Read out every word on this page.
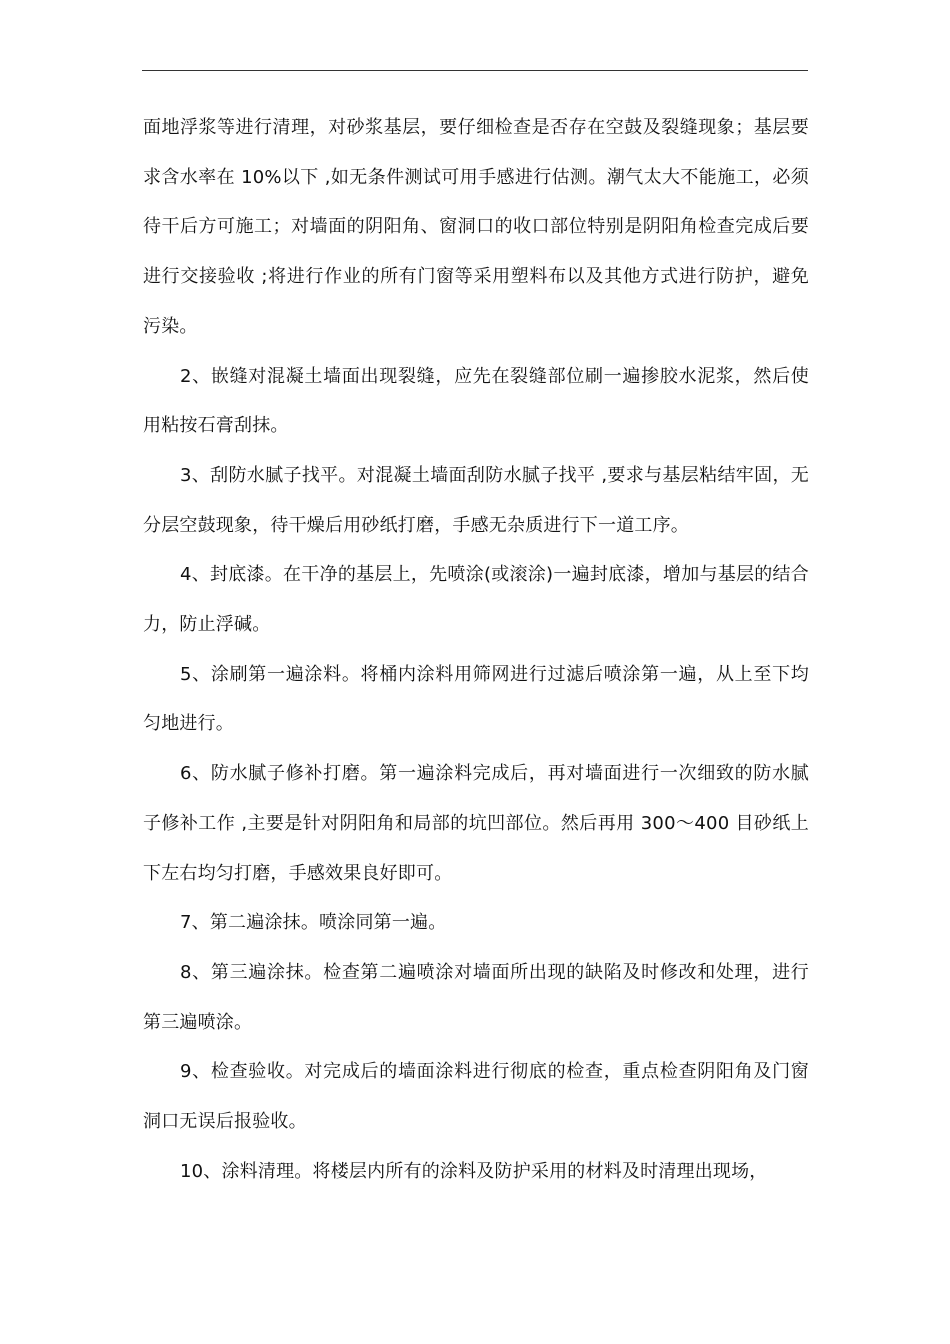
面地浮浆等进行清理，对砂浆基层，要仔细检查是否存在空鼓及裂缝现象；基层要求含水率在 10%以下 ,如无条件测试可用手感进行估测。潮气太大不能施工，必须待干后方可施工；对墙面的阴阳角、窗洞口的收口部位特别是阴阳角检查完成后要进行交接验收 ;将进行作业的所有门窗等采用塑料布以及其他方式进行防护，避免污染。

2、嵌缝对混凝土墙面出现裂缝，应先在裂缝部位刷一遍掺胶水泥浆，然后使用粘按石膏刮抹。

3、刮防水腻子找平。对混凝土墙面刮防水腻子找平 ,要求与基层粘结牢固，无分层空鼓现象，待干燥后用砂纸打磨，手感无杂质进行下一道工序。

4、封底漆。在干净的基层上，先喷涂(或滚涂)一遍封底漆，增加与基层的结合力，防止浮碱。

5、涂刷第一遍涂料。将桶内涂料用筛网进行过滤后喷涂第一遍，从上至下均匀地进行。

6、防水腻子修补打磨。第一遍涂料完成后，再对墙面进行一次细致的防水腻子修补工作 ,主要是针对阴阳角和局部的坑凹部位。然后再用 300～400 目砂纸上下左右均匀打磨，手感效果良好即可。

7、第二遍涂抹。喷涂同第一遍。

8、第三遍涂抹。检查第二遍喷涂对墙面所出现的缺陷及时修改和处理，进行第三遍喷涂。

9、检查验收。对完成后的墙面涂料进行彻底的检查，重点检查阴阳角及门窗洞口无误后报验收。

10、涂料清理。将楼层内所有的涂料及防护采用的材料及时清理出现场，
